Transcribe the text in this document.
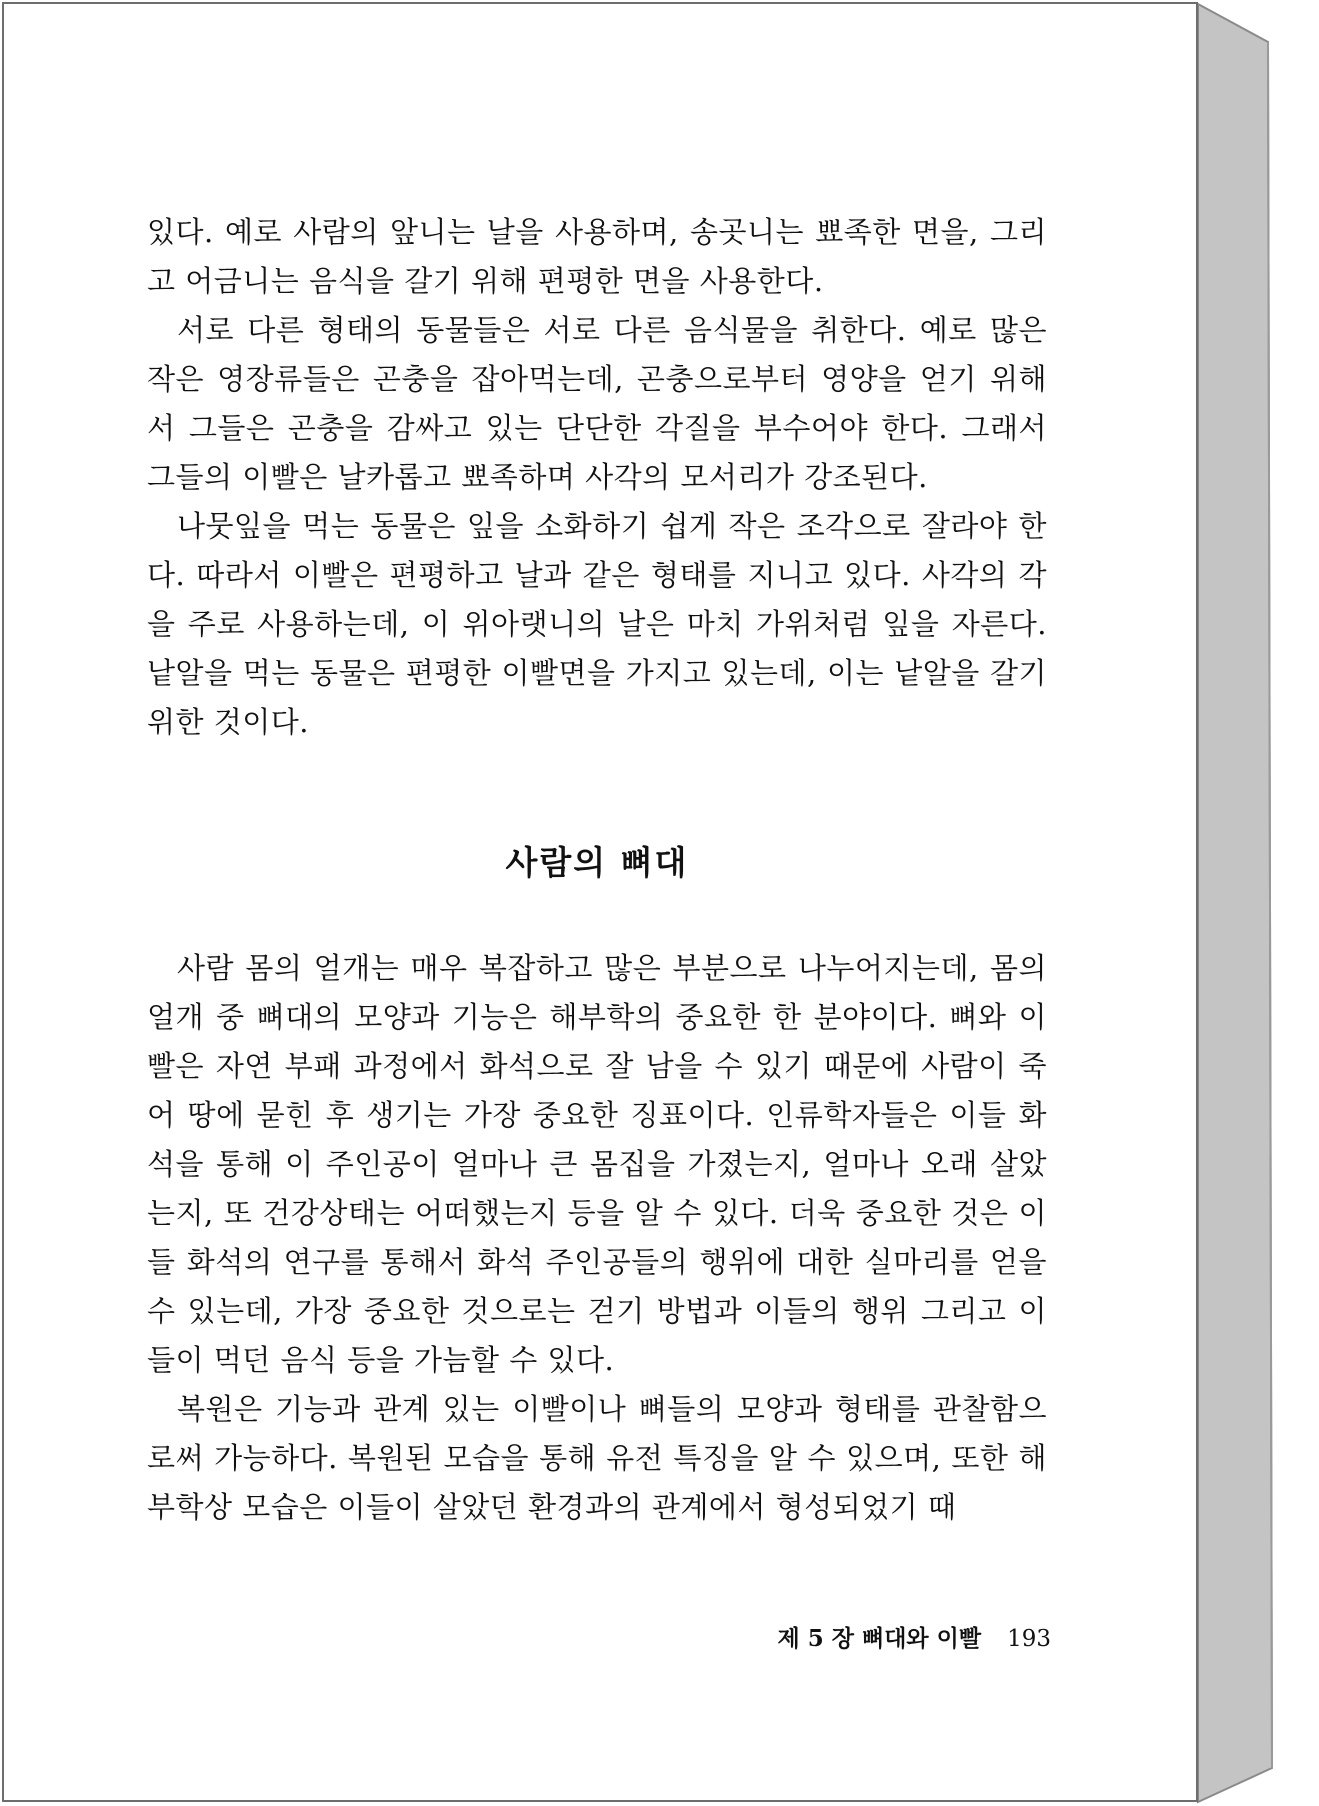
있다. 예로 사람의 앞니는 날을 사용하며, 송곳니는 뾰족한 면을, 그리고 어금니는 음식을 갈기 위해 편평한 면을 사용한다.

서로 다른 형태의 동물들은 서로 다른 음식물을 취한다. 예로 많은 작은 영장류들은 곤충을 잡아먹는데, 곤충으로부터 영양을 얻기 위해서 그들은 곤충을 감싸고 있는 단단한 각질을 부수어야 한다. 그래서 그들의 이빨은 날카롭고 뾰족하며 사각의 모서리가 강조된다.

나뭇잎을 먹는 동물은 잎을 소화하기 쉽게 작은 조각으로 잘라야 한다. 따라서 이빨은 편평하고 날과 같은 형태를 지니고 있다. 사각의 각을 주로 사용하는데, 이 위아랫니의 날은 마치 가위처럼 잎을 자른다. 낱알을 먹는 동물은 편평한 이빨면을 가지고 있는데, 이는 낱알을 갈기 위한 것이다.

사람의 뼈대

사람 몸의 얼개는 매우 복잡하고 많은 부분으로 나누어지는데, 몸의 얼개 중 뼈대의 모양과 기능은 해부학의 중요한 한 분야이다. 뼈와 이빨은 자연 부패 과정에서 화석으로 잘 남을 수 있기 때문에 사람이 죽어 땅에 묻힌 후 생기는 가장 중요한 징표이다. 인류학자들은 이들 화석을 통해 이 주인공이 얼마나 큰 몸집을 가졌는지, 얼마나 오래 살았는지, 또 건강상태는 어떠했는지 등을 알 수 있다. 더욱 중요한 것은 이들 화석의 연구를 통해서 화석 주인공들의 행위에 대한 실마리를 얻을 수 있는데, 가장 중요한 것으로는 걷기 방법과 이들의 행위 그리고 이들이 먹던 음식 등을 가늠할 수 있다.

복원은 기능과 관계 있는 이빨이나 뼈들의 모양과 형태를 관찰함으로써 가능하다. 복원된 모습을 통해 유전 특징을 알 수 있으며, 또한 해부학상 모습은 이들이 살았던 환경과의 관계에서 형성되었기 때

제 5 장 뼈대와 이빨 193
